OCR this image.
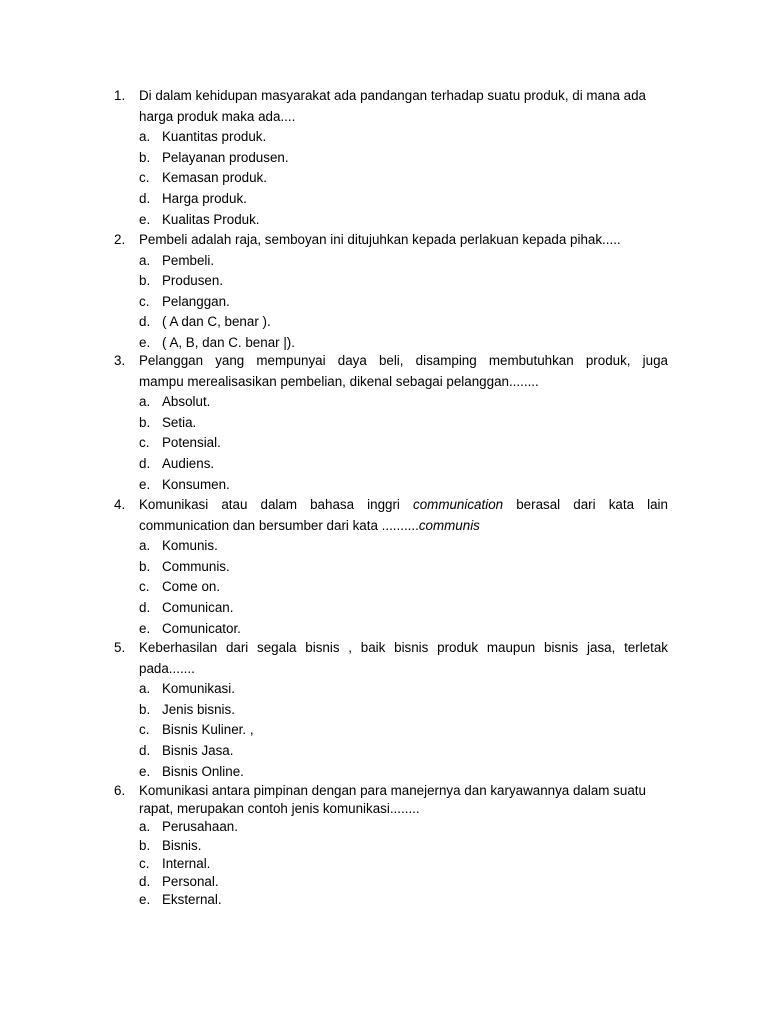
1. Di dalam kehidupan masyarakat ada pandangan terhadap suatu produk, di mana ada
harga produk maka ada....
a. Kuantitas produk.
b. Pelayanan produsen.
c. Kemasan produk.
d. Harga produk.
e. Kualitas Produk.
2. Pembeli adalah raja, semboyan ini ditujuhkan kepada perlakuan kepada pihak.....
a. Pembeli.
b. Produsen.
c. Pelanggan.
d. ( A dan C, benar ).
e. ( A, B, dan C. benar |).
3. Pelanggan yang mempunyai daya beli, disamping membutuhkan produk, juga
mampu merealisasikan pembelian, dikenal sebagai pelanggan........
a. Absolut.
b. Setia.
c. Potensial.
d. Audiens.
e. Konsumen.
4. Komunikasi atau dalam bahasa inggri communication berasal dari kata lain
communication dan bersumber dari kata ..........communis
a. Komunis.
b. Communis.
c. Come on.
d. Comunican.
e. Comunicator.
5. Keberhasilan dari segala bisnis , baik bisnis produk maupun bisnis jasa, terletak
pada.......
a. Komunikasi.
b. Jenis bisnis.
c. Bisnis Kuliner. ,
d. Bisnis Jasa.
e. Bisnis Online.
6. Komunikasi antara pimpinan dengan para manejernya dan karyawannya dalam suatu
rapat, merupakan contoh jenis komunikasi........
a. Perusahaan.
b. Bisnis.
c. Internal.
d. Personal.
e. Eksternal.
